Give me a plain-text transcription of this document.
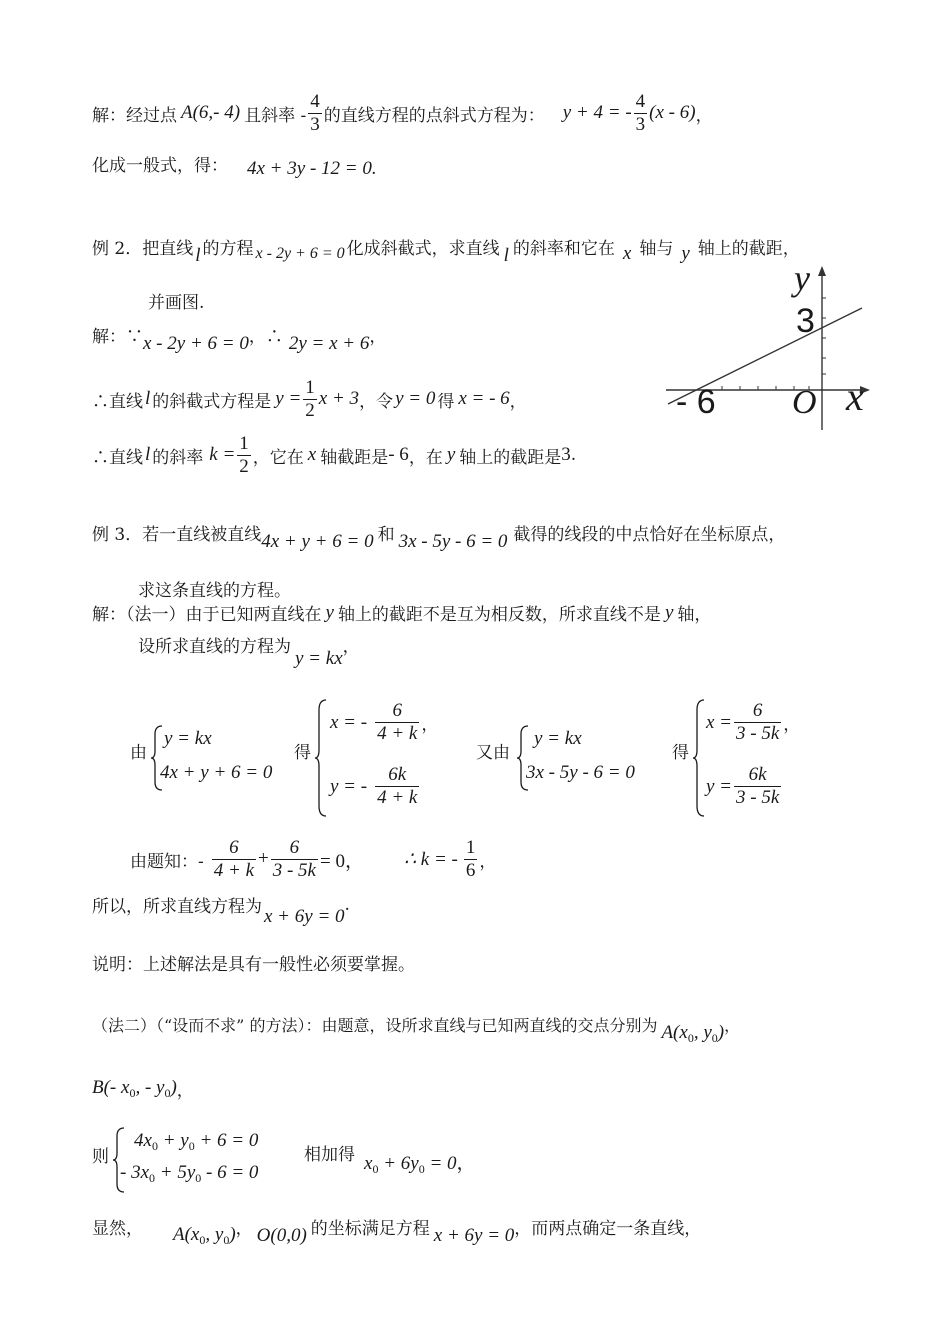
解：经过点 A(6,- 4) 且斜率 - $\frac{4}{3}$ 的直线方程的点斜式方程为： y + 4 = - $\frac{4}{3} (x - 6)$ ，
化成一般式，得： 4x + 3y - 12 = 0.
例 2．把直线 l 的方程 x - 2y + 6 = 0 化成斜截式，求直线 l 的斜率和它在 x 轴与 y 轴上的截距，
并画图.
解：∵ x - 2y + 6 = 0 ，∴ 2y = x + 6 ，
∴直线 l 的斜截式方程是 $y = \frac{1}{2}$ x + 3 ，令 y = 0 得 x = - 6 ，
∴直线 l 的斜率 $k = \frac{1}{2}$ ，它在 x 轴截距是 - 6 ，在 y 轴上的截距是 3 .
y
3
- 6 O x
例 3．若一直线被直线 4x + y + 6 = 0 和 3x - 5y - 6 = 0 截得的线段的中点恰好在坐标原点，
求这条直线的方程。
解：（法一）由于已知两直线在 y 轴上的截距不是互为相反数，所求直线不是 y 轴，
设所求直线的方程为
y = kx
，
由
y = kx
4x + y + 6 = 0
得
x = - $\frac{6}{4 + k}$ ，
y = - $\frac{6k}{4 + k}$
又由
y = kx
3x - 5y - 6 = 0
得
$x = \frac{6}{3 - 5k}$ ，
$y = \frac{6k}{3 - 5k}$
由题知：- $\frac{6}{4 + k} + \frac{6}{3 - 5k} = 0$， ∴ k = - $\frac{1}{6}$ ，
所以，所求直线方程为 x + 6y = 0
.
说明：上述解法是具有一般性必须要掌握。
（法二）（“设而不求” 的方法）：由题意，设所求直线与已知两直线的交点分别为 $A(x_0$, $y_0$) ，
B(- $x_0$, - $y_0$) ，
则
$4x_0 + y_0 + 6 = 0$
- $3x_0 + 5y_0 - 6 = 0$
相加得 $x_0 + 6y_0 = 0$，
显然， $A(x_0$, $y_0$) ， O(0,0) 的坐标满足方程 x + 6y = 0 ，而两点确定一条直线，
